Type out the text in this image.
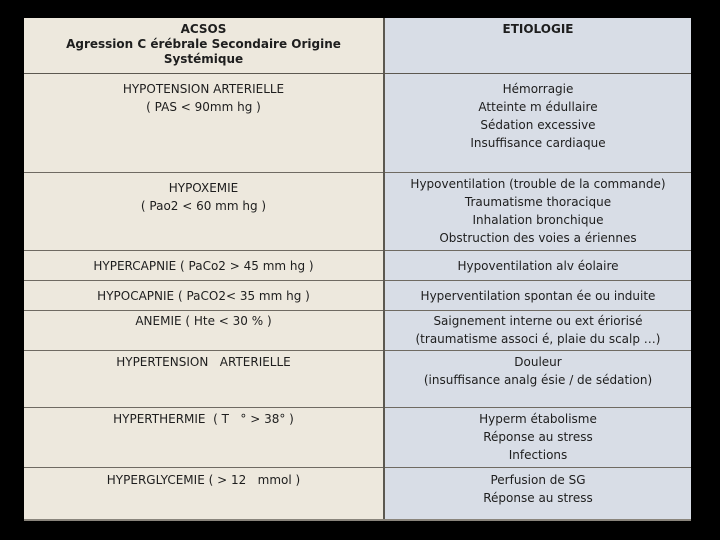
ACSOS
Agression C érébrale Secondaire Origine
Systémique	ETIOLOGIE

HYPOTENSION ARTERIELLE
( PAS < 90mm hg )	Hémorragie
Atteinte m édullaire
Sédation excessive
Insuffisance cardiaque

HYPOXEMIE
( Pao2 < 60 mm hg )	Hypoventilation (trouble de la commande)
Traumatisme thoracique
Inhalation bronchique
Obstruction des voies a ériennes

HYPERCAPNIE ( PaCo2 > 45 mm hg )	Hypoventilation alv éolaire

HYPOCAPNIE ( PaCO2< 35 mm hg )	Hyperventilation spontan ée ou induite

ANEMIE ( Hte < 30 % )	Saignement interne ou ext ériorisé
(traumatisme associ é, plaie du scalp …)

HYPERTENSION   ARTERIELLE	Douleur
(insuffisance analg ésie / de sédation)

HYPERTHERMIE  ( T   ° > 38° )	Hyperm étabolisme
Réponse au stress
Infections

HYPERGLYCEMIE ( > 12   mmol )	Perfusion de SG
Réponse au stress
